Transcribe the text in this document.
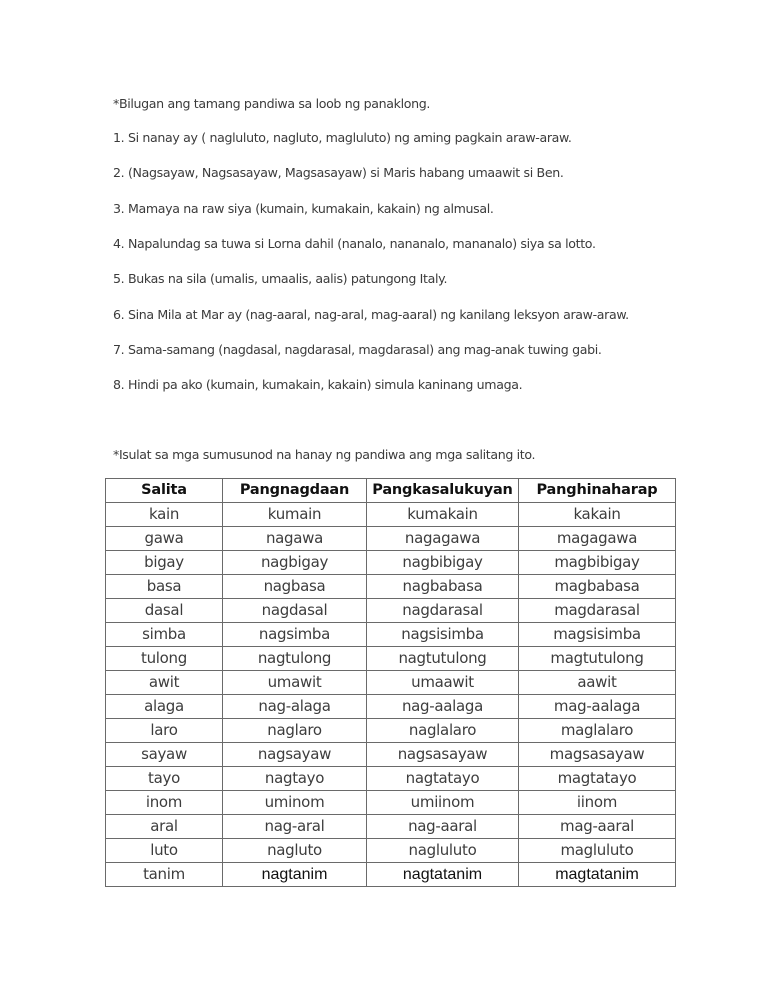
*Bilugan ang tamang pandiwa sa loob ng panaklong.
1. Si nanay ay ( nagluluto, nagluto, magluluto) ng aming pagkain araw-araw.
2. (Nagsayaw, Nagsasayaw, Magsasayaw) si Maris habang umaawit si Ben.
3. Mamaya na raw siya (kumain, kumakain, kakain) ng almusal.
4. Napalundag sa tuwa si Lorna dahil (nanalo, nananalo, mananalo) siya sa lotto.
5. Bukas na sila (umalis, umaalis, aalis) patungong Italy.
6. Sina Mila at Mar ay (nag-aaral, nag-aral, mag-aaral) ng kanilang leksyon araw-araw.
7. Sama-samang (nagdasal, nagdarasal, magdarasal) ang mag-anak tuwing gabi.
8. Hindi pa ako (kumain, kumakain, kakain) simula kaninang umaga.
*Isulat sa mga sumusunod na hanay ng pandiwa ang mga salitang ito.
Salita	Pangnagdaan	Pangkasalukuyan	Panghinaharap
kain	kumain	kumakain	kakain
gawa	nagawa	nagagawa	magagawa
bigay	nagbigay	nagbibigay	magbibigay
basa	nagbasa	nagbabasa	magbabasa
dasal	nagdasal	nagdarasal	magdarasal
simba	nagsimba	nagsisimba	magsisimba
tulong	nagtulong	nagtutulong	magtutulong
awit	umawit	umaawit	aawit
alaga	nag-alaga	nag-aalaga	mag-aalaga
laro	naglaro	naglalaro	maglalaro
sayaw	nagsayaw	nagsasayaw	magsasayaw
tayo	nagtayo	nagtatayo	magtatayo
inom	uminom	umiinom	iinom
aral	nag-aral	nag-aaral	mag-aaral
luto	nagluto	nagluluto	magluluto
tanim	nagtanim	nagtatanim	magtatanim
